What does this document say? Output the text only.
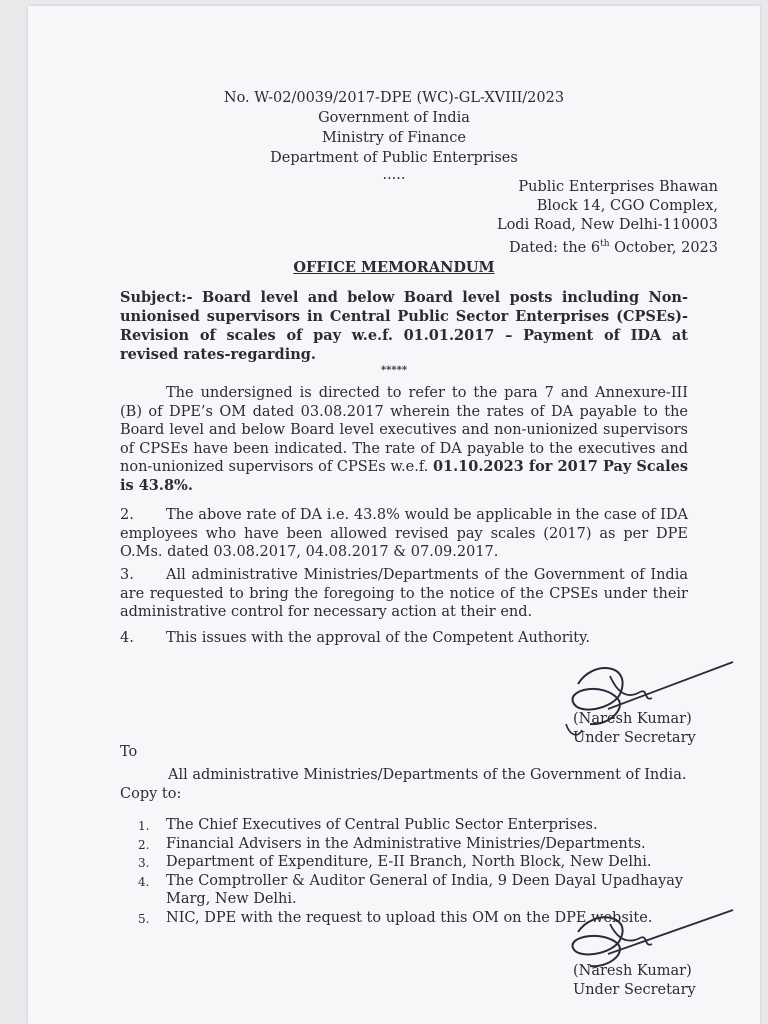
No. W-02/0039/2017-DPE (WC)-GL-XVIII/2023
Government of India
Ministry of Finance
Department of Public Enterprises
.....
Public Enterprises Bhawan
Block 14, CGO Complex,
Lodi Road, New Delhi-110003
Dated: the 6th October, 2023
OFFICE MEMORANDUM
Subject:- Board level and below Board level posts including Non-unionised supervisors in Central Public Sector Enterprises (CPSEs)- Revision of scales of pay w.e.f. 01.01.2017 – Payment of IDA at revised rates-regarding.
*****
The undersigned is directed to refer to the para 7 and Annexure-III (B) of DPE’s OM dated 03.08.2017 wherein the rates of DA payable to the Board level and below Board level executives and non-unionized supervisors of CPSEs have been indicated. The rate of DA payable to the executives and non-unionized supervisors of CPSEs w.e.f. 01.10.2023 for 2017 Pay Scales is 43.8%.
2. The above rate of DA i.e. 43.8% would be applicable in the case of IDA employees who have been allowed revised pay scales (2017) as per DPE O.Ms. dated 03.08.2017, 04.08.2017 & 07.09.2017.
3. All administrative Ministries/Departments of the Government of India are requested to bring the foregoing to the notice of the CPSEs under their administrative control for necessary action at their end.
4. This issues with the approval of the Competent Authority.
(Naresh Kumar)
Under Secretary
To
All administrative Ministries/Departments of the Government of India.
Copy to:
1. The Chief Executives of Central Public Sector Enterprises.
2. Financial Advisers in the Administrative Ministries/Departments.
3. Department of Expenditure, E-II Branch, North Block, New Delhi.
4. The Comptroller & Auditor General of India, 9 Deen Dayal Upadhayay Marg, New Delhi.
5. NIC, DPE with the request to upload this OM on the DPE website.
(Naresh Kumar)
Under Secretary
